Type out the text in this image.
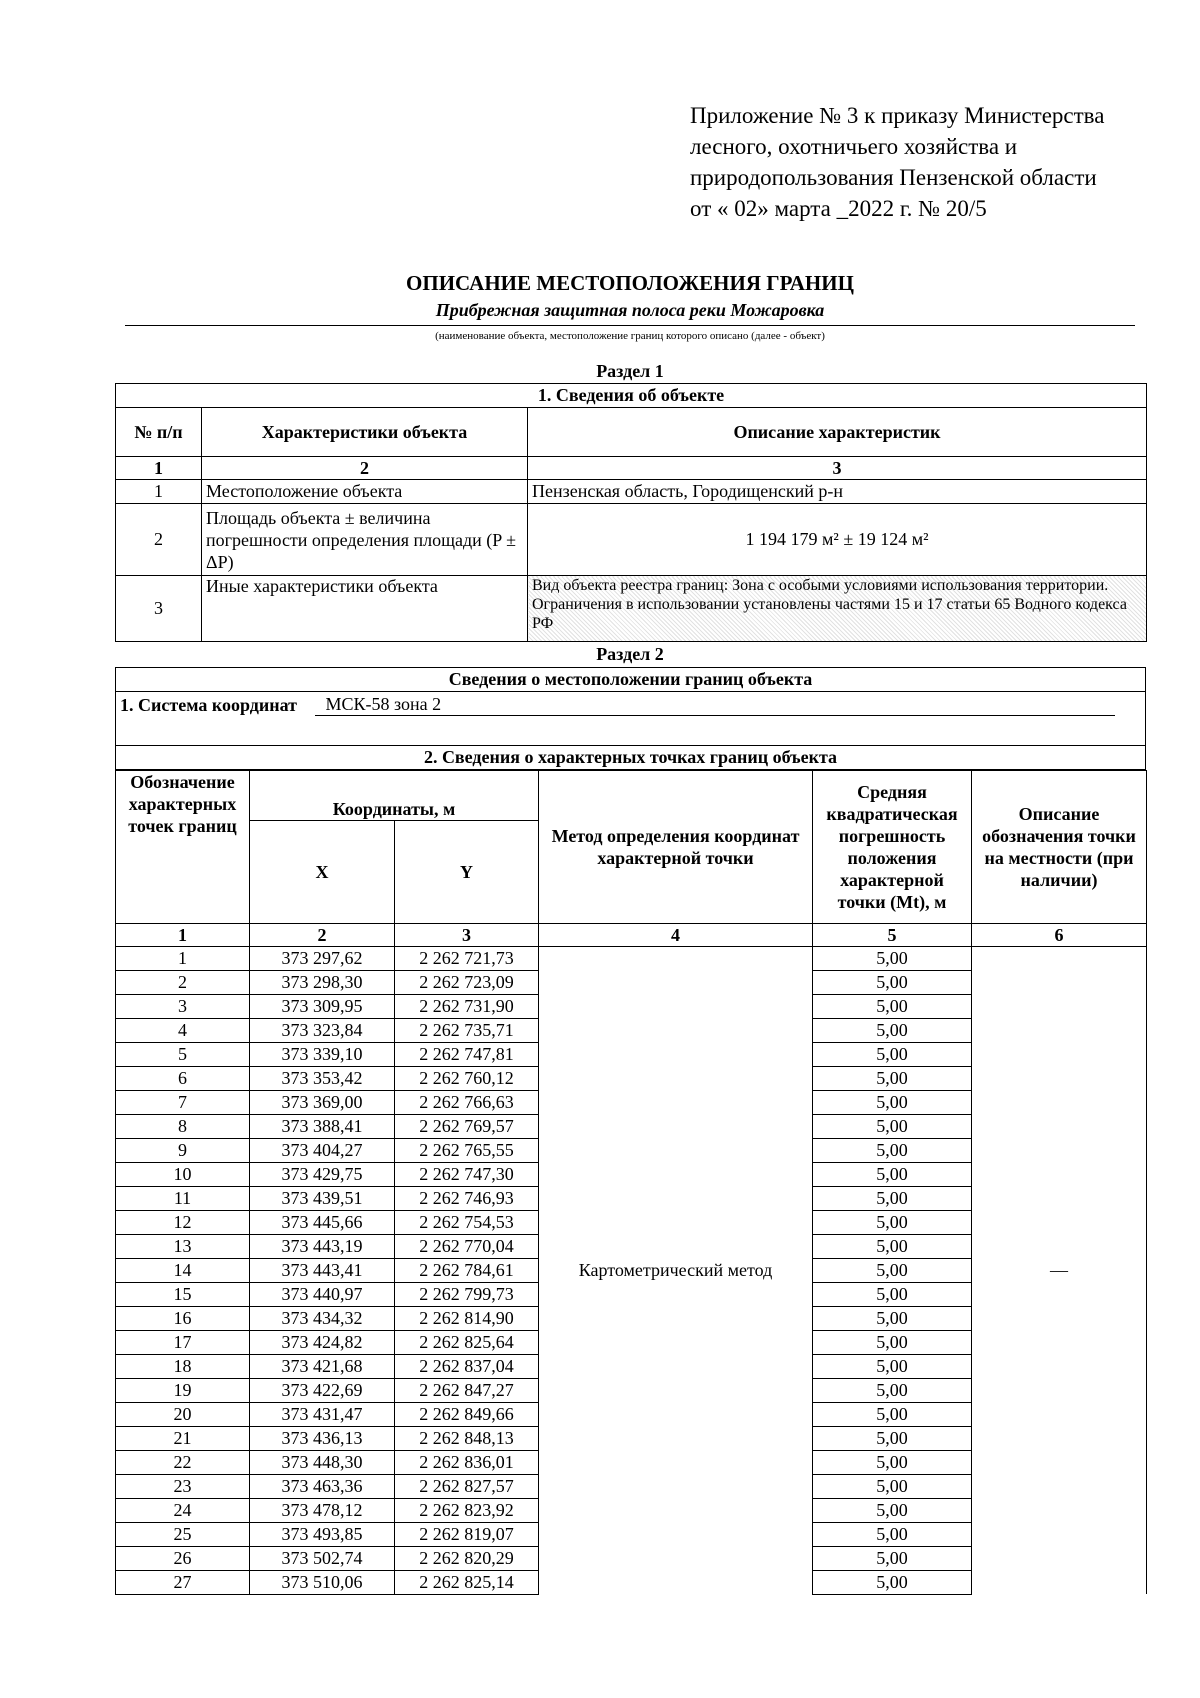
Приложение № 3 к приказу Министерства
лесного, охотничьего хозяйства и
природопользования Пензенской области
от « 02» марта _2022 г. № 20/5
ОПИСАНИЕ МЕСТОПОЛОЖЕНИЯ ГРАНИЦ
Прибрежная защитная полоса реки Можаровка
(наименование объекта, местоположение границ которого описано (далее - объект)
Раздел 1
1. Сведения об объекте		
№ п/п	Характеристики объекта	Описание характеристик
1	2	3
1	Местоположение объекта	Пензенская область, Городищенский р-н
2	Площадь объекта ± величина погрешности определения площади (P ± ΔP)	1 194 179 м² ± 19 124 м²
3	Иные характеристики объекта	Вид объекта реестра границ: Зона с особыми условиями использования территории. Ограничения в использовании установлены частями 15 и 17 статьи 65 Водного кодекса РФ
Раздел 2
Сведения о местоположении границ объекта
1. Система координат МСК-58 зона 2
2. Сведения о характерных точках границ объекта
Обозначение характерных точек границ	Координаты, м		Метод определения координат характерной точки	Средняя квадратическая погрешность положения характерной точки (Mt), м	Описание обозначения точки на местности (при наличии)
	X	Y			

1	2	3	4	5	6
1	373 297,62	2 262 721,73	Картометрический метод	5,00	—
2	373 298,30	2 262 723,09		5,00	
3	373 309,95	2 262 731,90		5,00	
4	373 323,84	2 262 735,71		5,00	
5	373 339,10	2 262 747,81		5,00	
6	373 353,42	2 262 760,12		5,00	
7	373 369,00	2 262 766,63		5,00	
8	373 388,41	2 262 769,57		5,00	
9	373 404,27	2 262 765,55		5,00	
10	373 429,75	2 262 747,30		5,00	
11	373 439,51	2 262 746,93		5,00	
12	373 445,66	2 262 754,53		5,00	
13	373 443,19	2 262 770,04		5,00	
14	373 443,41	2 262 784,61		5,00	
15	373 440,97	2 262 799,73		5,00	
16	373 434,32	2 262 814,90		5,00	
17	373 424,82	2 262 825,64		5,00	
18	373 421,68	2 262 837,04		5,00	
19	373 422,69	2 262 847,27		5,00	
20	373 431,47	2 262 849,66		5,00	
21	373 436,13	2 262 848,13		5,00	
22	373 448,30	2 262 836,01		5,00	
23	373 463,36	2 262 827,57		5,00	
24	373 478,12	2 262 823,92		5,00	
25	373 493,85	2 262 819,07		5,00	
26	373 502,74	2 262 820,29		5,00	
27	373 510,06	2 262 825,14		5,00	
